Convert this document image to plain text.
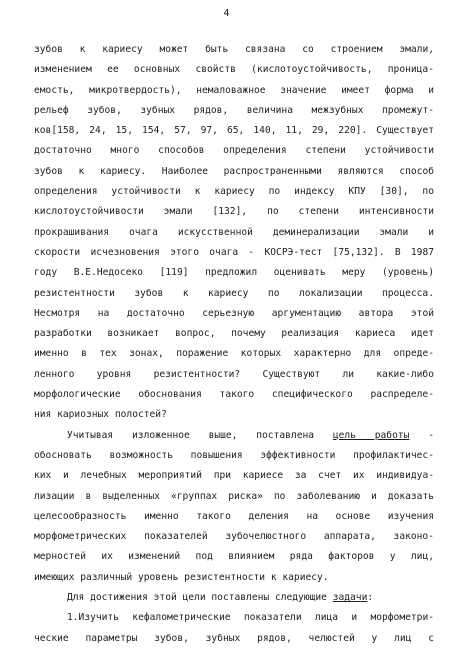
4
зубов к кариесу может быть связана со строением эмали,
изменением ее основных свойств (кислотоустойчивость, проница-
емость, микротвердость), немаловажное значение имеет форма и
рельеф зубов, зубных рядов, величина межзубных промежут-
ков[158, 24, 15, 154, 57, 97, 65, 140, 11, 29, 220]. Существует
достаточно много способов определения степени устойчивости
зубов к кариесу. Наиболее распространенными являются способ
определения устойчивости к кариесу по индексу КПУ [30], по
кислотоустойчивости эмали [132], по степени интенсивности
прокрашивания очага искусственной деминерализации эмали и
скорости исчезновения этого очага - КОСРЭ-тест [75,132]. В 1987
году В.Е.Недосеко [119] предложил оценивать меру (уровень)
резистентности зубов к кариесу по локализации процесса.
Несмотря на достаточно серьезную аргументацию автора этой
разработки возникает вопрос, почему реализация кариеса идет
именно в тех зонах, поражение которых характерно для опреде-
ленного уровня резистентности? Существуют ли какие-либо
морфологические обоснования такого специфического распределе-
ния кариозных полостей?
Учитывая изложенное выше, поставлена цель работы -
обосновать возможность повышения эффективности профилактичес-
ких и лечебных мероприятий при кариесе за счет их индивидуа-
лизации в выделенных «группах риска» по заболеванию и доказать
целесообразность именно такого деления на основе изучения
морфометрических показателей зубочелюстного аппарата, законо-
мерностей их изменений под влиянием ряда факторов у лиц,
имеющих различный уровень резистентности к кариесу.
Для достижения этой цели поставлены следующие задачи:
1.Изучить кефалометрические показатели лица и морфометри-
ческие параметры зубов, зубных рядов, челюстей у лиц с
